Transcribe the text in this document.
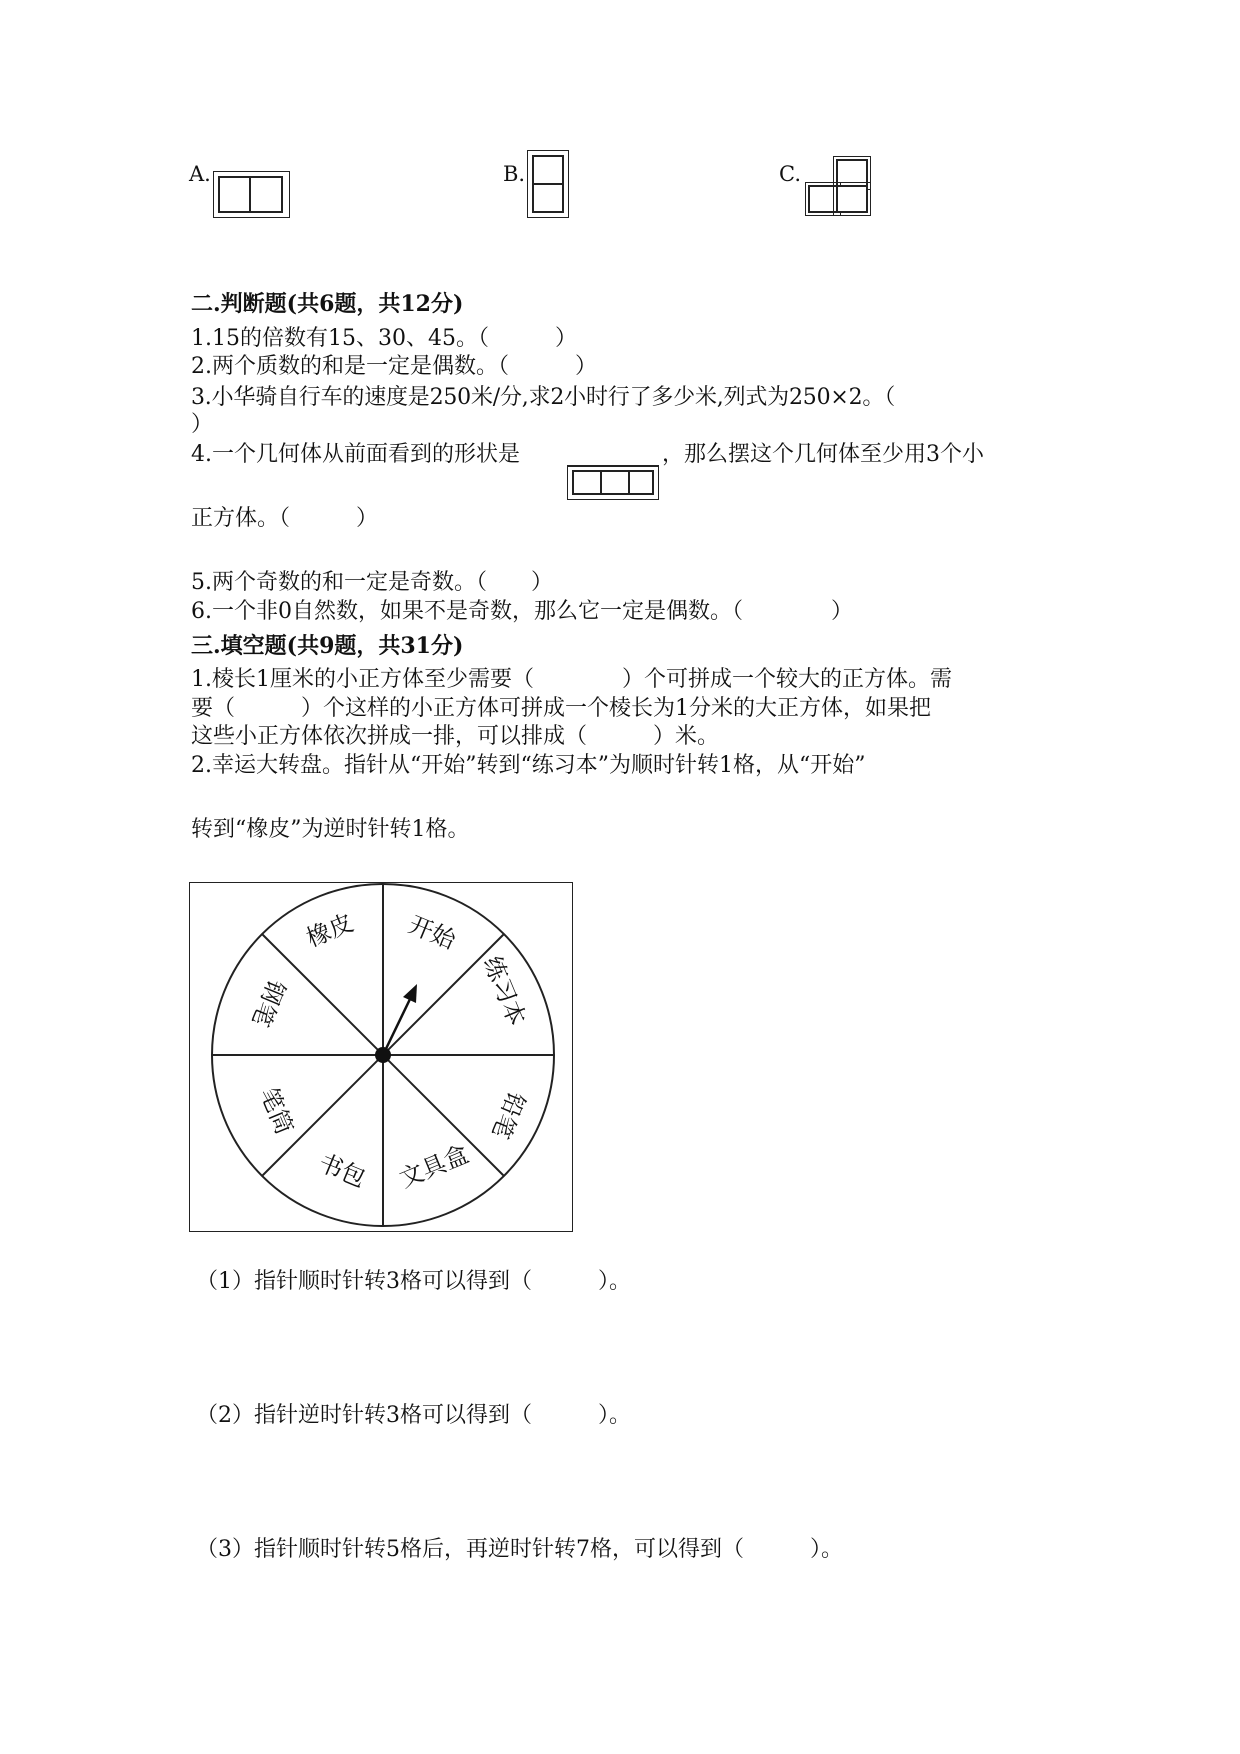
A.	B.	C.
二.判断题(共6题，共12分)
1.15的倍数有15、30、45。（　　　）
2.两个质数的和是一定是偶数。（　　　）
3.小华骑自行车的速度是250米/分,求2小时行了多少米,列式为250×2。（
）
4.一个几何体从前面看到的形状是	，那么摆这个几何体至少用3个小
正方体。（　　　）
5.两个奇数的和一定是奇数。（　　）
6.一个非0自然数，如果不是奇数，那么它一定是偶数。（　　　　）
三.填空题(共9题，共31分)
1.棱长1厘米的小正方体至少需要（　　　　）个可拼成一个较大的正方体。需
要（　　　）个这样的小正方体可拼成一个棱长为1分米的大正方体，如果把
这些小正方体依次拼成一排，可以排成（　　　）米。
2.幸运大转盘。指针从“开始”转到“练习本”为顺时针转1格，从“开始”
转到“橡皮”为逆时针转1格。
开始
练习本
铅笔
文具盒
书包
笔筒
钢笔
橡皮
（1）指针顺时针转3格可以得到（　　　）。
（2）指针逆时针转3格可以得到（　　　）。
（3）指针顺时针转5格后，再逆时针转7格，可以得到（　　　）。
